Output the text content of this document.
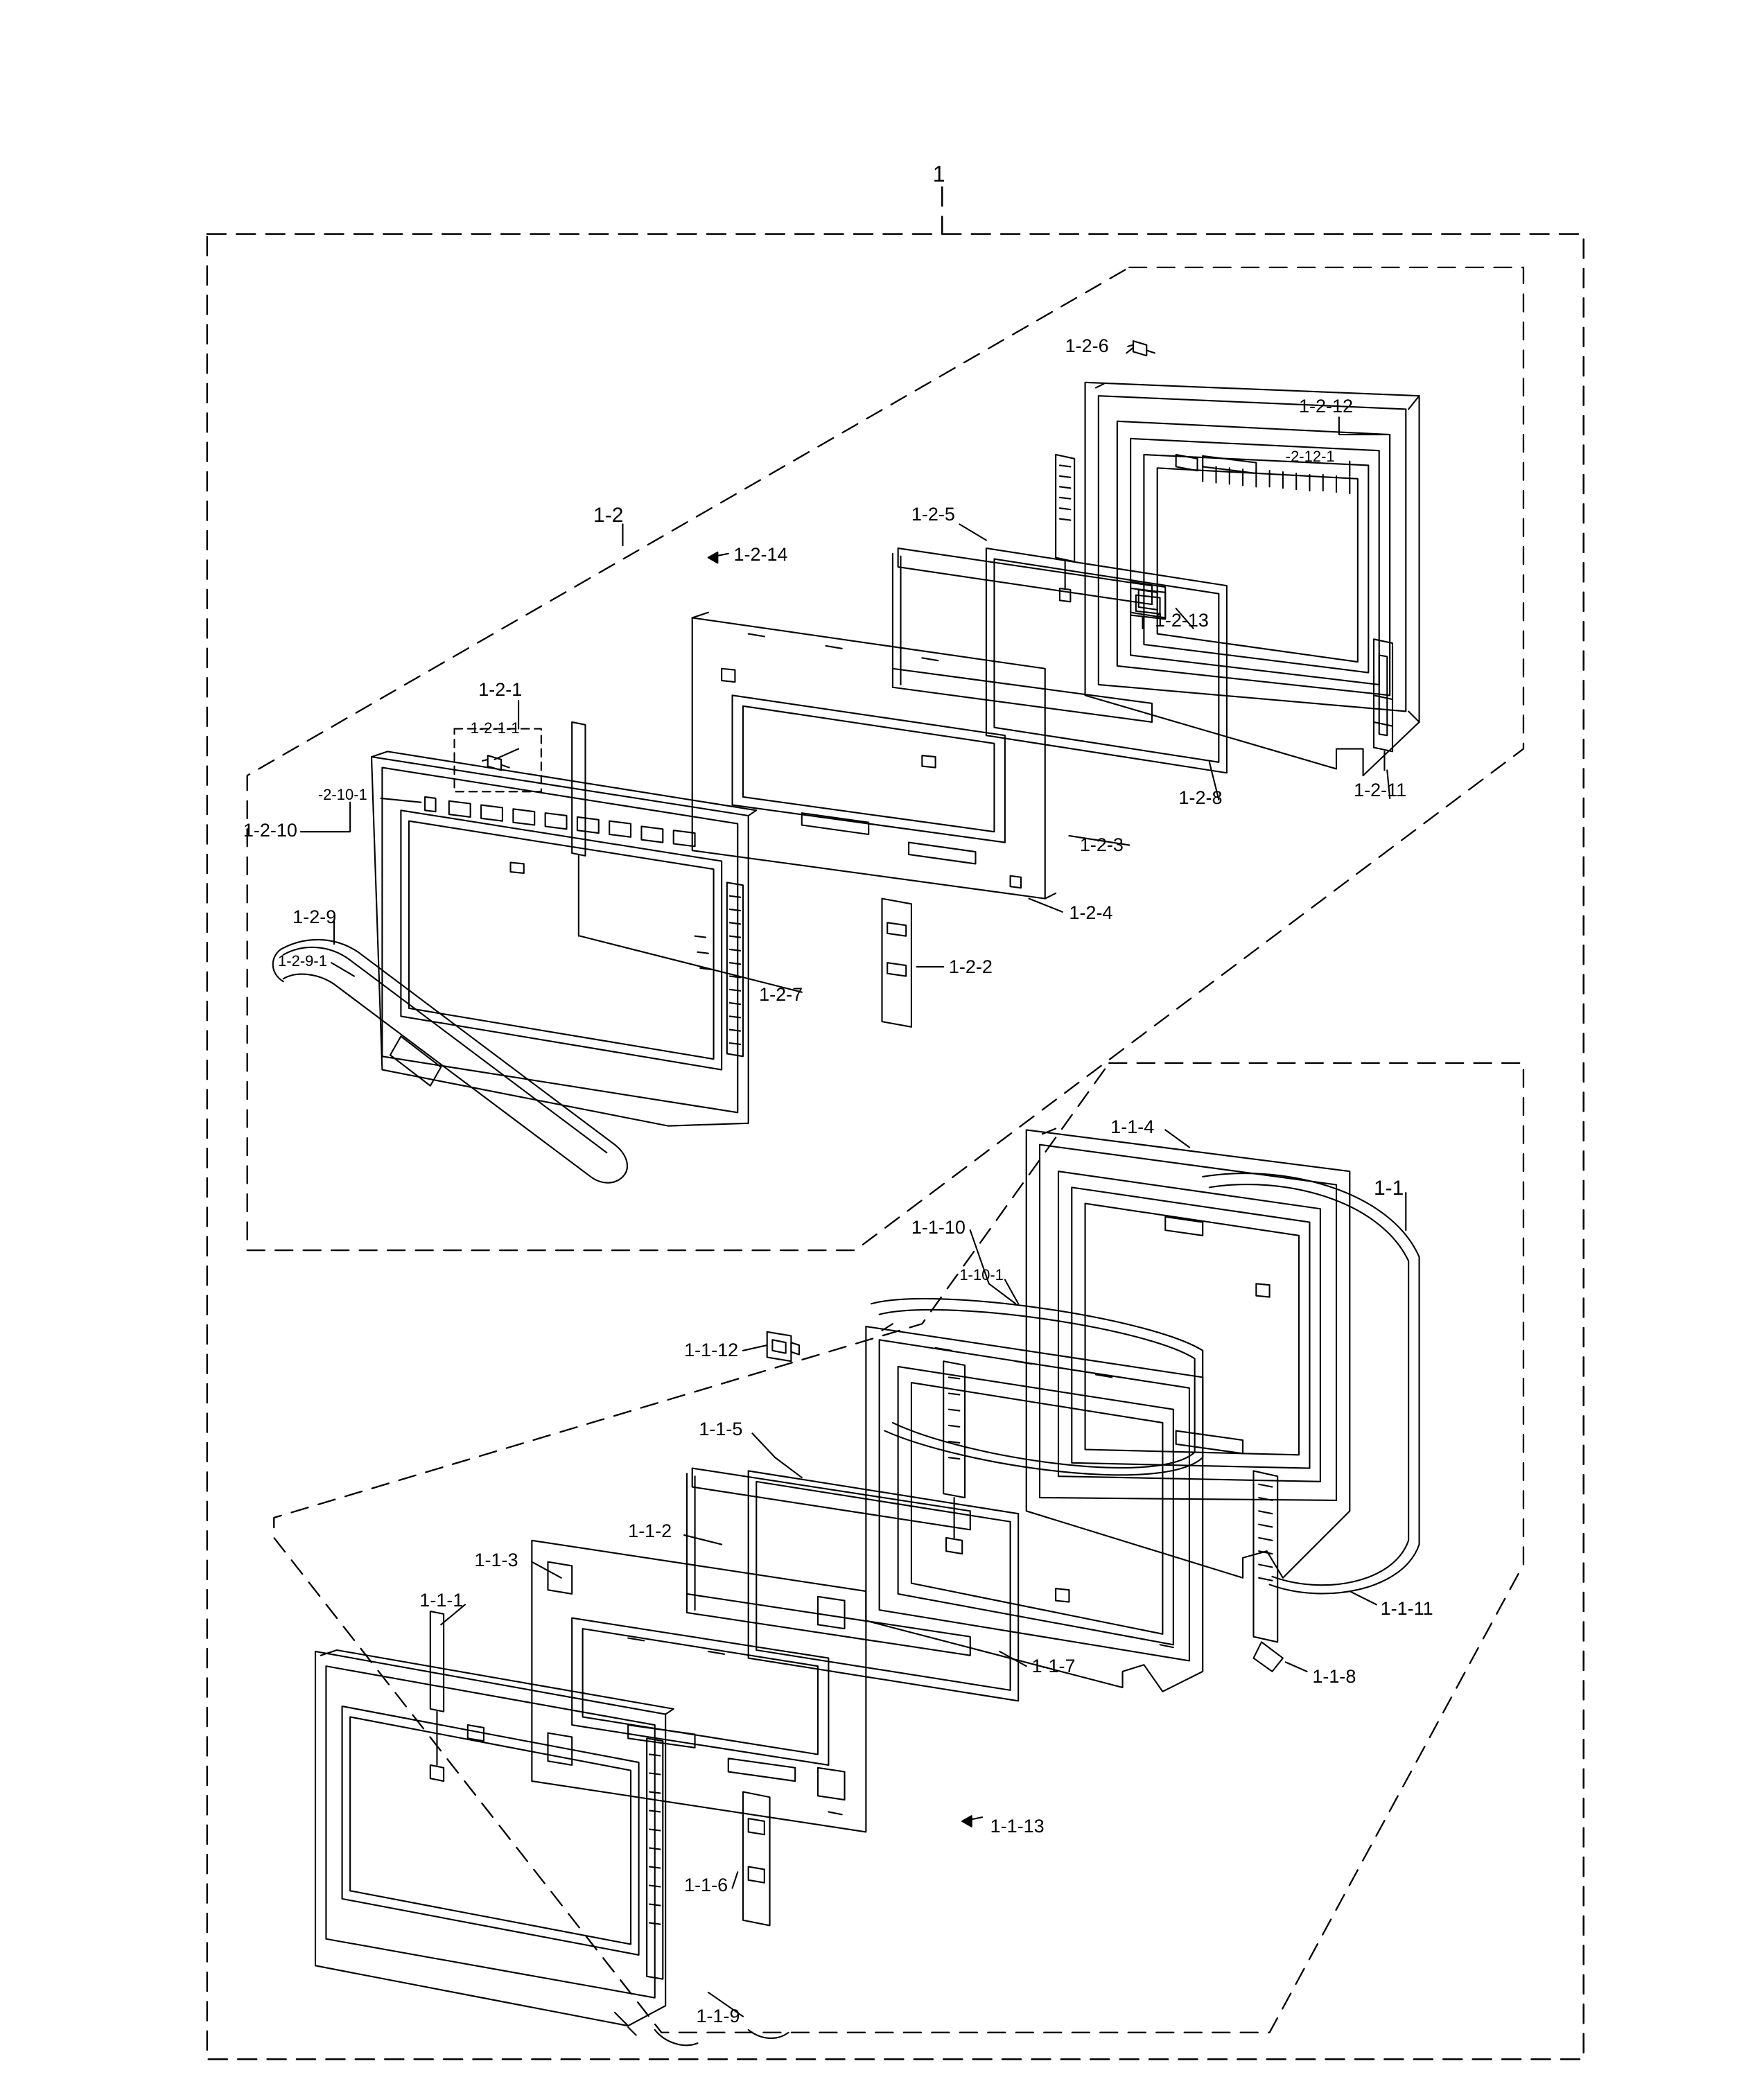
1
1-2-6
1-2-12
-2-12-1
1-2	1-2-5
1-2-14
1-2-13
1-2-1
1-2-1-1
1-2-8	1-2-11
-2-10-1
1-2-10
1-2-3
1-2-4
1-2-9
1-2-9-1	1-2-2
1-2-7
1-1-4
1-1
1-1-10
1-10-1
1-1-12
1-1-5
1-1-2
1-1-3
1-1-11
1-1-1
1-1-7
1-1-8
1-1-13
1-1-6
1-1-9
